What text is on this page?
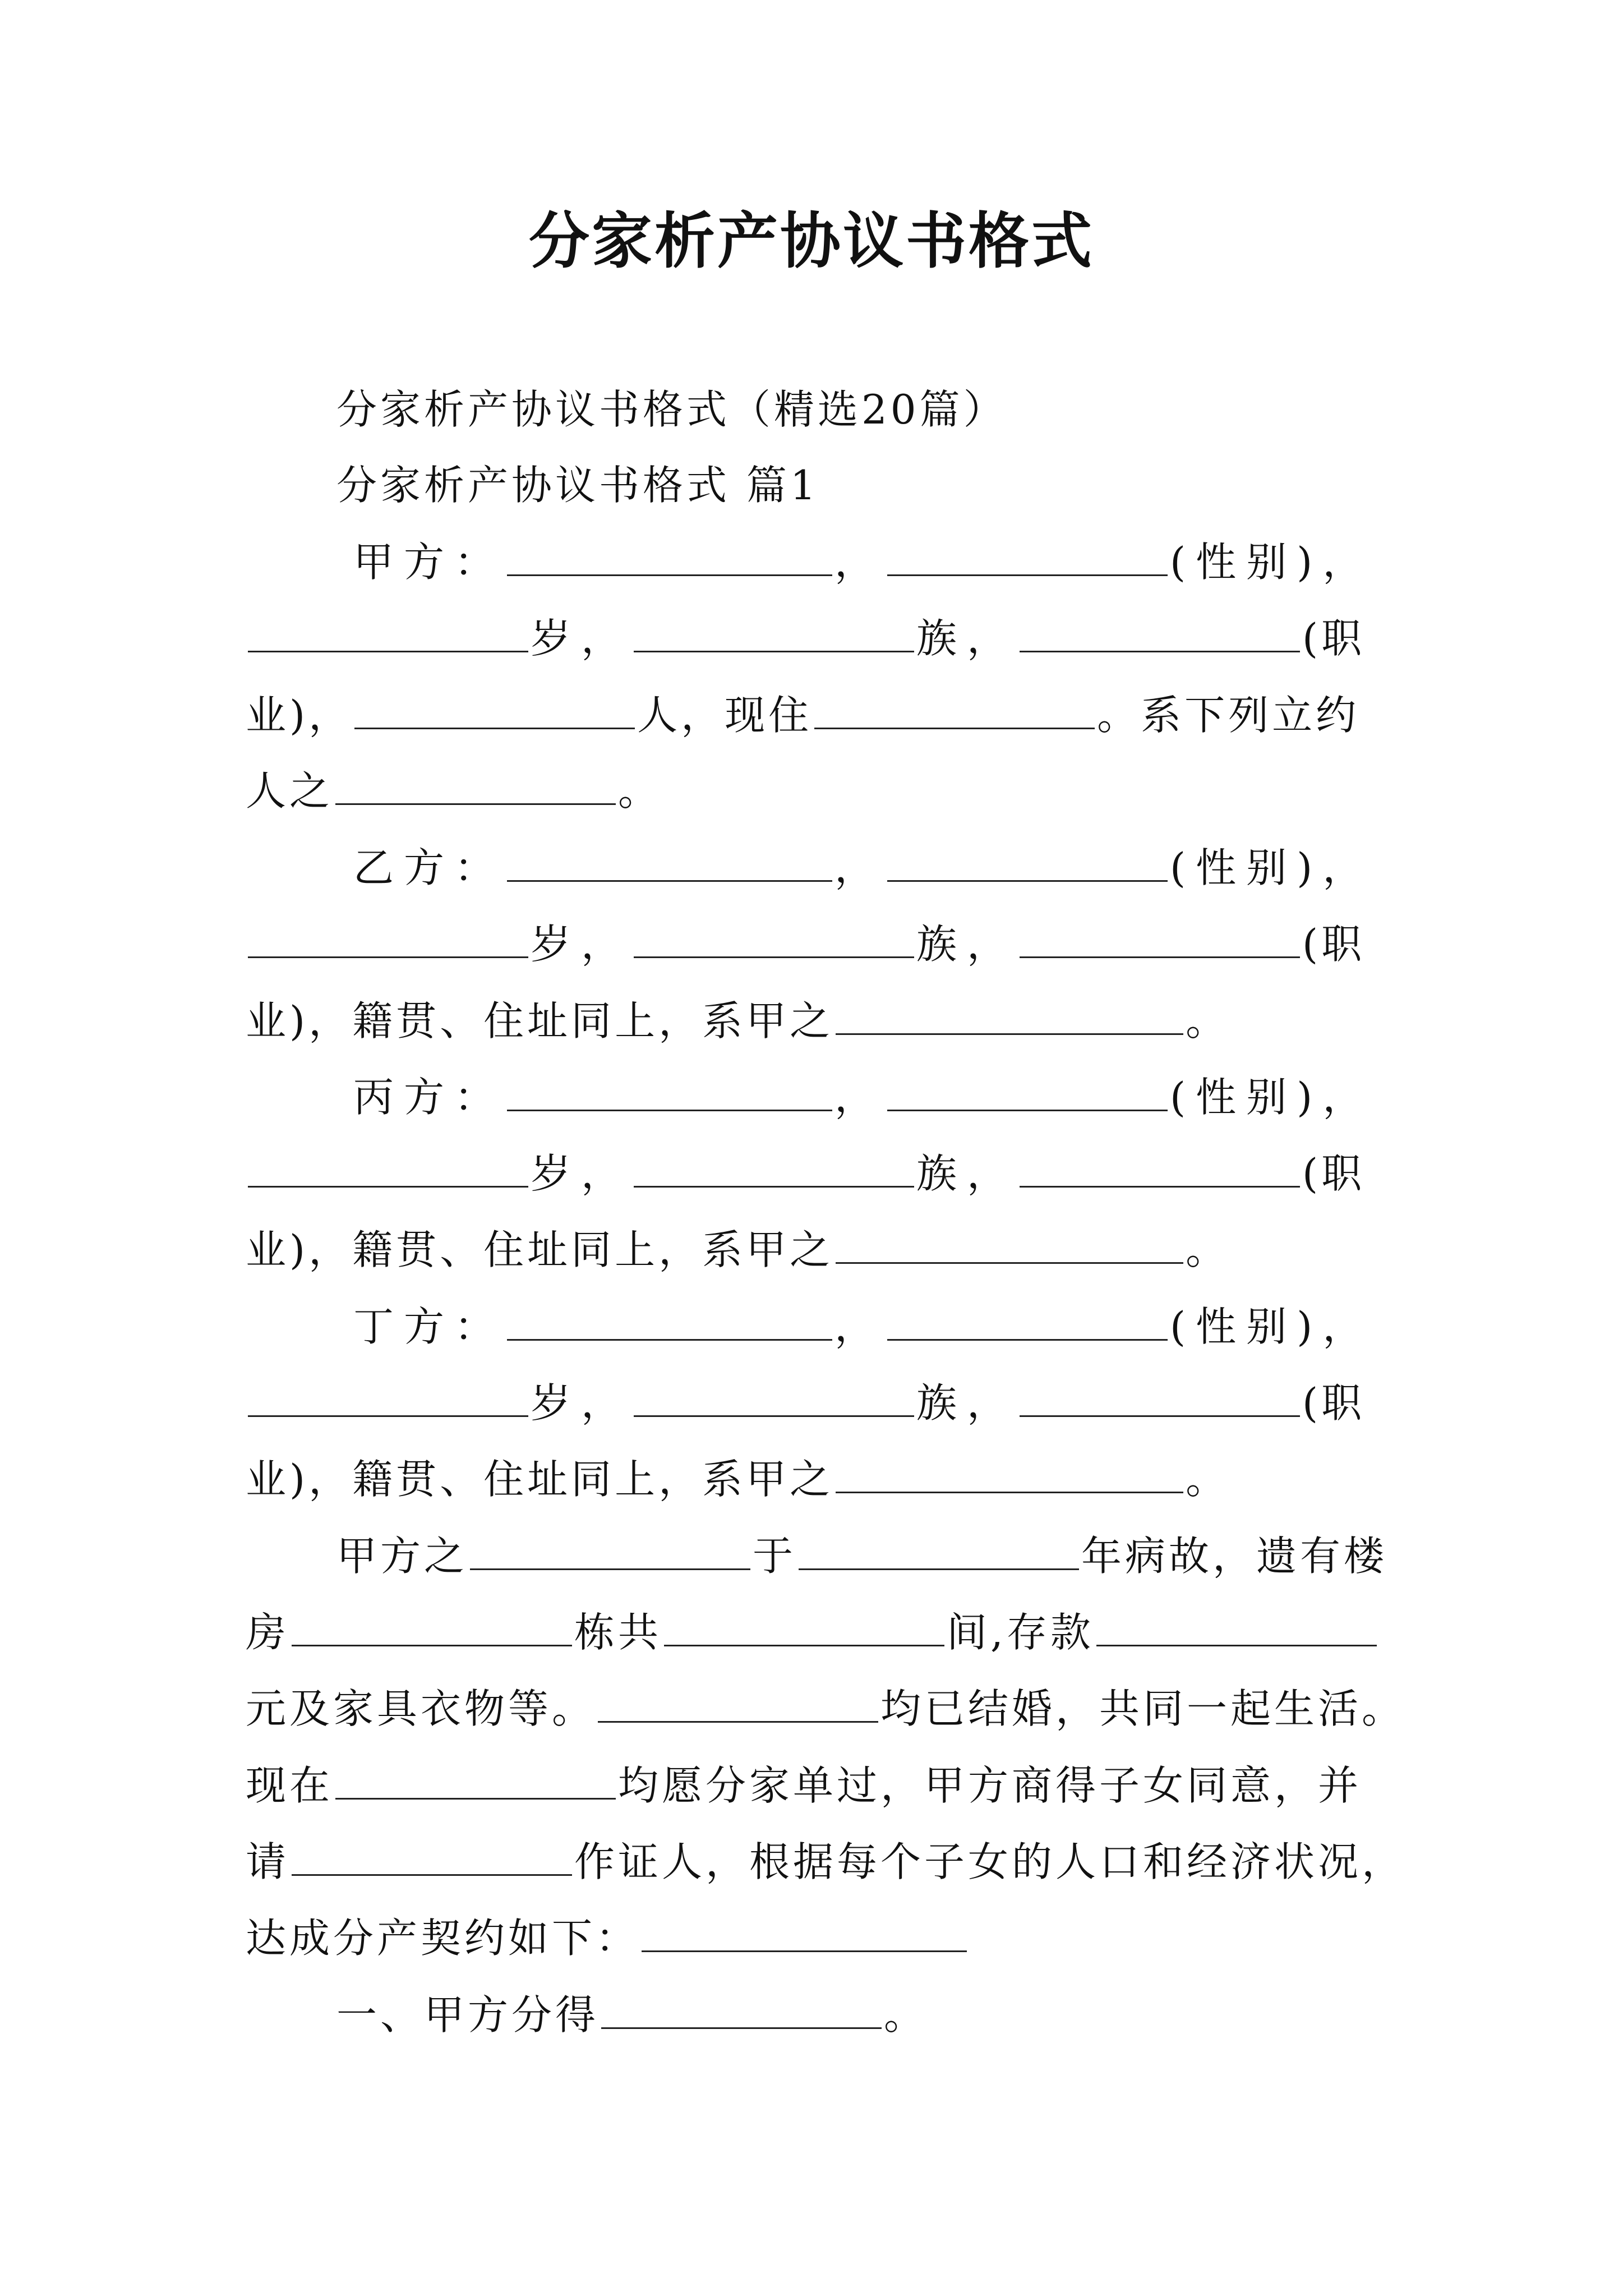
分家析产协议书格式
分家析产协议书格式（精选20篇）
分家析产协议书格式 篇1
甲方：	，	(性别)，
岁，	族，	(职
业)，	人，现住	。系下列立约
人之	。
乙方：	，	(性别)，
岁，	族，	(职
业)，籍贯、住址同上，系甲之	。
丙方：	，	(性别)，
岁，	族，	(职
业)，籍贯、住址同上，系甲之	。
丁方：	，	(性别)，
岁，	族，	(职
业)，籍贯、住址同上，系甲之	。
甲方之	于	年病故，遗有楼
房	栋共	间,存款
元及家具衣物等。	均已结婚，共同一起生活。
现在	均愿分家单过，甲方商得子女同意，并
请	作证人，根据每个子女的人口和经济状况，
达成分产契约如下：
一、甲方分得	。
